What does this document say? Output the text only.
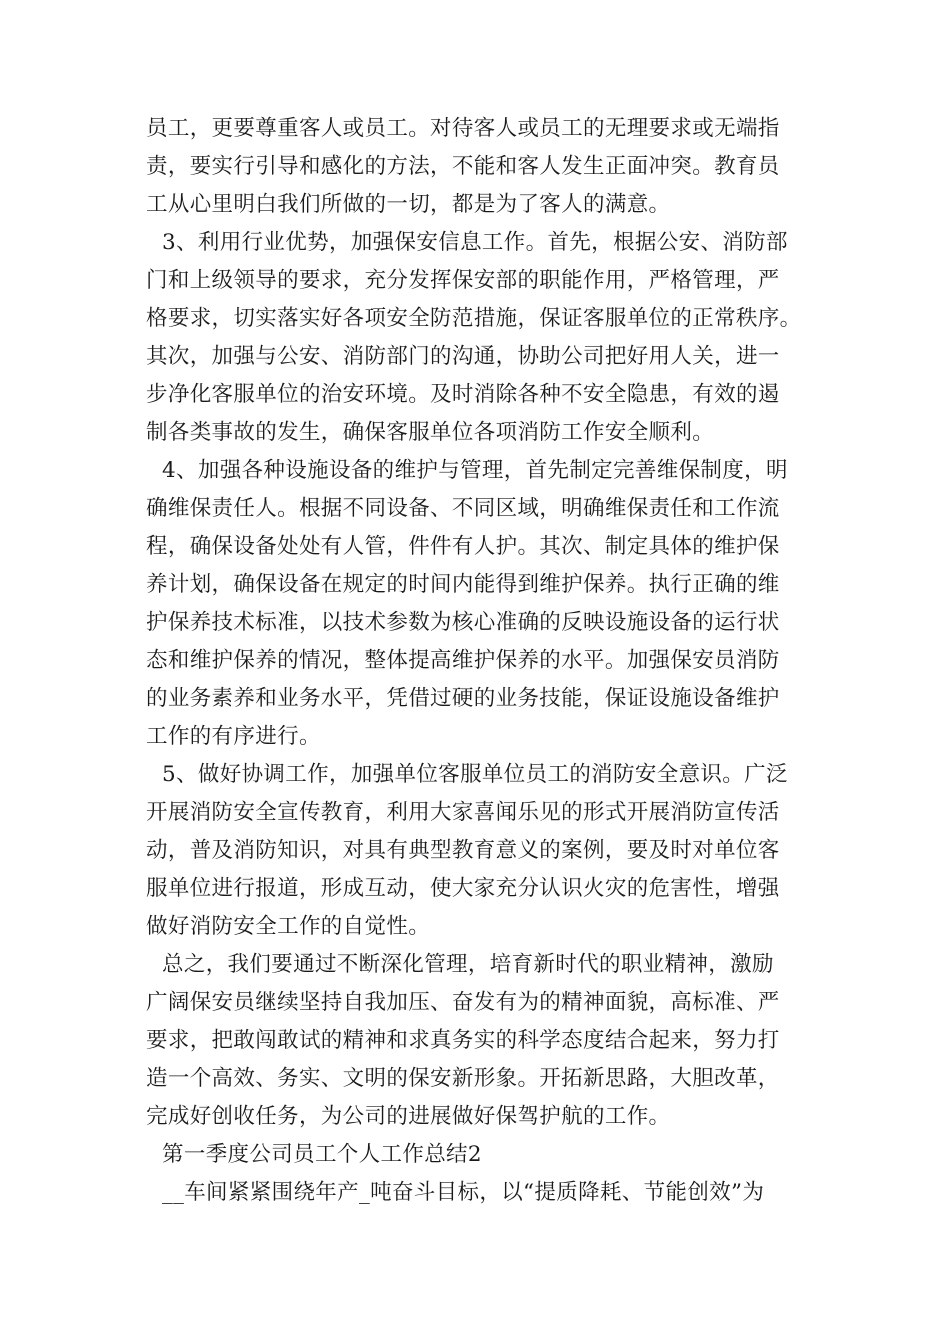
员工，更要尊重客人或员工。对待客人或员工的无理要求或无端指
责，要实行引导和感化的方法，不能和客人发生正面冲突。教育员
工从心里明白我们所做的一切，都是为了客人的满意。
3、利用行业优势，加强保安信息工作。首先，根据公安、消防部
门和上级领导的要求，充分发挥保安部的职能作用，严格管理，严
格要求，切实落实好各项安全防范措施，保证客服单位的正常秩序。
其次，加强与公安、消防部门的沟通，协助公司把好用人关，进一
步净化客服单位的治安环境。及时消除各种不安全隐患，有效的遏
制各类事故的发生，确保客服单位各项消防工作安全顺利。
4、加强各种设施设备的维护与管理，首先制定完善维保制度，明
确维保责任人。根据不同设备、不同区域，明确维保责任和工作流
程，确保设备处处有人管，件件有人护。其次、制定具体的维护保
养计划，确保设备在规定的时间内能得到维护保养。执行正确的维
护保养技术标准，以技术参数为核心准确的反映设施设备的运行状
态和维护保养的情况，整体提高维护保养的水平。加强保安员消防
的业务素养和业务水平，凭借过硬的业务技能，保证设施设备维护
工作的有序进行。
5、做好协调工作，加强单位客服单位员工的消防安全意识。广泛
开展消防安全宣传教育，利用大家喜闻乐见的形式开展消防宣传活
动，普及消防知识，对具有典型教育意义的案例，要及时对单位客
服单位进行报道，形成互动，使大家充分认识火灾的危害性，增强
做好消防安全工作的自觉性。
总之，我们要通过不断深化管理，培育新时代的职业精神，激励
广阔保安员继续坚持自我加压、奋发有为的精神面貌，高标准、严
要求，把敢闯敢试的精神和求真务实的科学态度结合起来，努力打
造一个高效、务实、文明的保安新形象。开拓新思路，大胆改革，
完成好创收任务，为公司的进展做好保驾护航的工作。
第一季度公司员工个人工作总结2
__车间紧紧围绕年产_吨奋斗目标，以“提质降耗、节能创效”为
